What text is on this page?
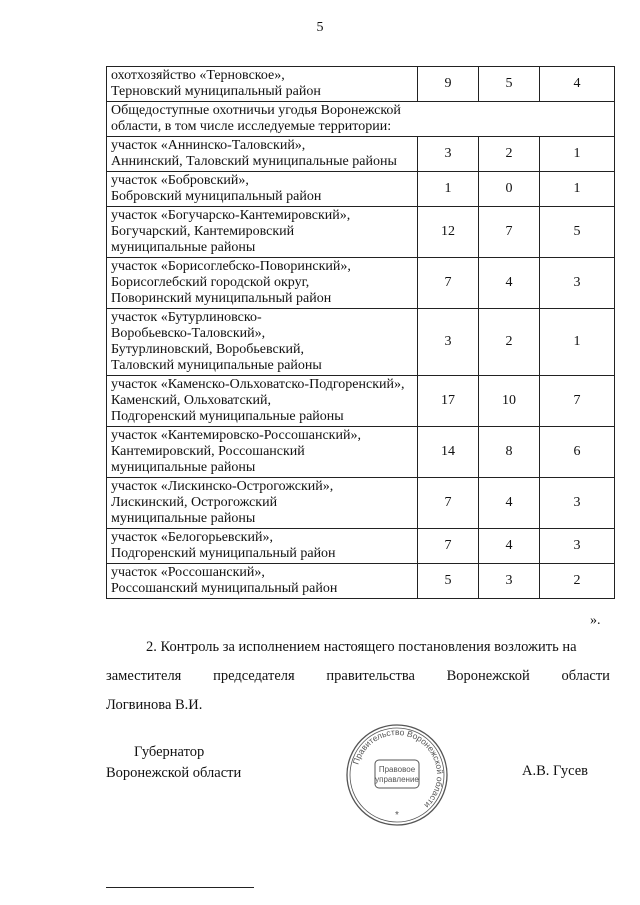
5
охотхозяйство «Терновское»,
Терновский муниципальный район	9	5	4

Общедоступные охотничьи угодья Воронежской
области, в том числе исследуемые территории:			

участок «Аннинско-Таловский»,
Аннинский, Таловский муниципальные районы	3	2	1

участок «Бобровский»,
Бобровский муниципальный район	1	0	1

участок «Богучарско-Кантемировский»,
Богучарский, Кантемировский
муниципальные районы	12	7	5

участок «Борисоглебско-Поворинский»,
Борисоглебский городской округ,
Поворинский муниципальный район	7	4	3

участок «Бутурлиновско-
Воробьевско-Таловский»,
Бутурлиновский, Воробьевский,
Таловский муниципальные районы	3	2	1

участок «Каменско-Ольховатско-Подгоренский»,
Каменский, Ольховатский,
Подгоренский муниципальные районы	17	10	7

участок «Кантемировско-Россошанский»,
Кантемировский, Россошанский
муниципальные районы	14	8	6

участок «Лискинско-Острогожский»,
Лискинский, Острогожский
муниципальные районы	7	4	3

участок «Белогорьевский»,
Подгоренский муниципальный район	7	4	3

участок «Россошанский»,
Россошанский муниципальный район	5	3	2
».
2. Контроль за исполнением настоящего постановления возложить на
заместителя председателя правительства Воронежской области
Логвинова В.И.
Губернатор
Воронежской области
Правительство Воронежской области
Правовое
управление
*
А.В. Гусев
